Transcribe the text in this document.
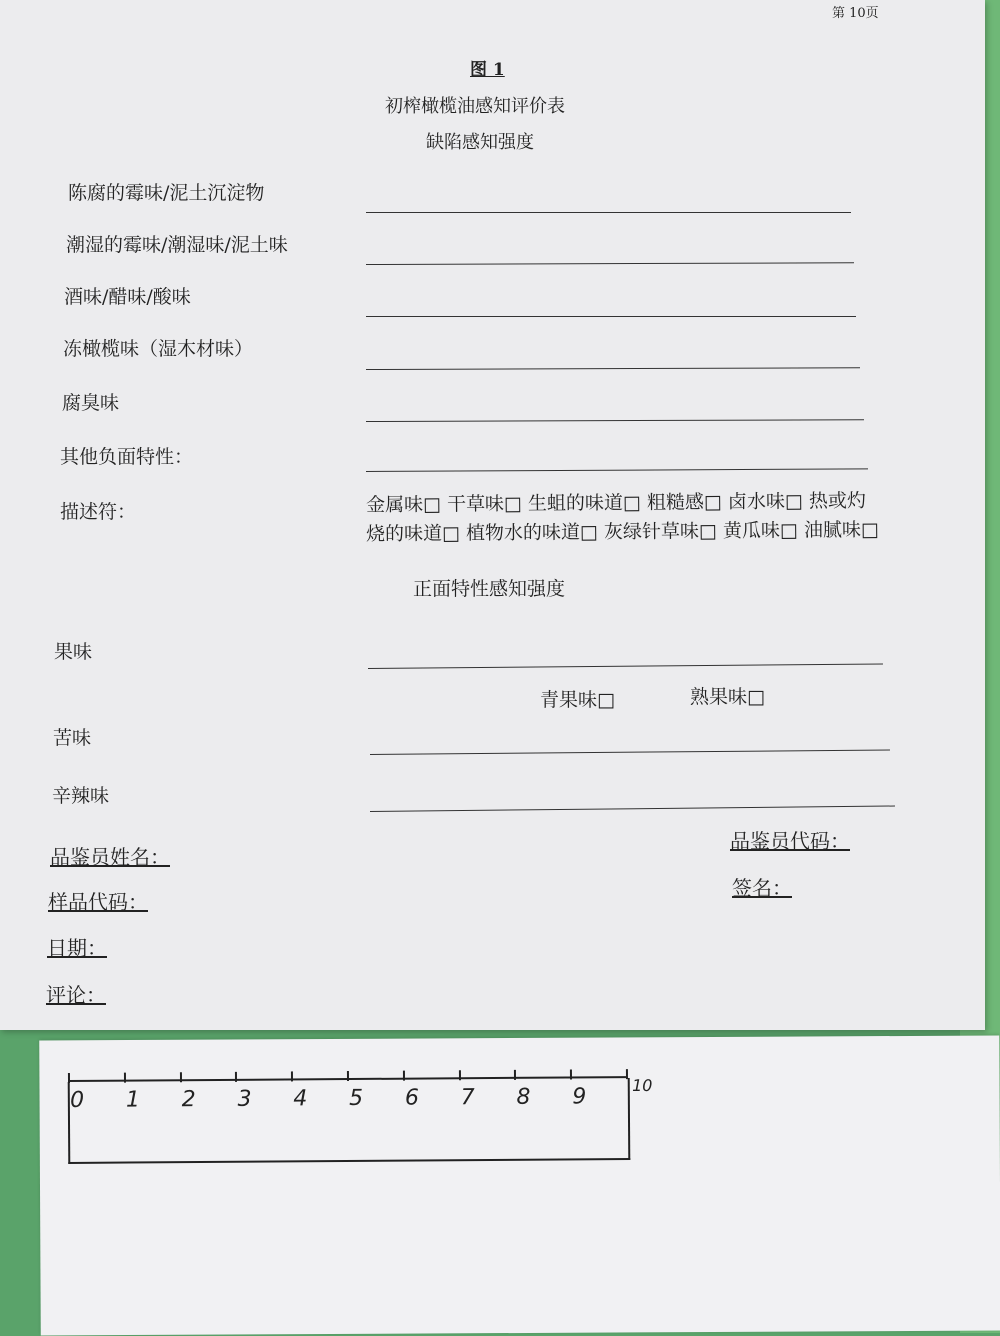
第 10页
图 1
初榨橄榄油感知评价表
缺陷感知强度
陈腐的霉味/泥土沉淀物
潮湿的霉味/潮湿味/泥土味
酒味/醋味/酸味
冻橄榄味（湿木材味）
腐臭味
其他负面特性：
描述符：	金属味□ 干草味□ 生蛆的味道□ 粗糙感□ 卤水味□ 热或灼
烧的味道□ 植物水的味道□ 灰绿针草味□ 黄瓜味□ 油腻味□
正面特性感知强度
果味
青果味□	熟果味□
苦味
辛辣味
品鉴员姓名：
品鉴员代码：
样品代码：
签名：
日期：
评论：
0 1 2 3 4 5 6 7 8 9	10
